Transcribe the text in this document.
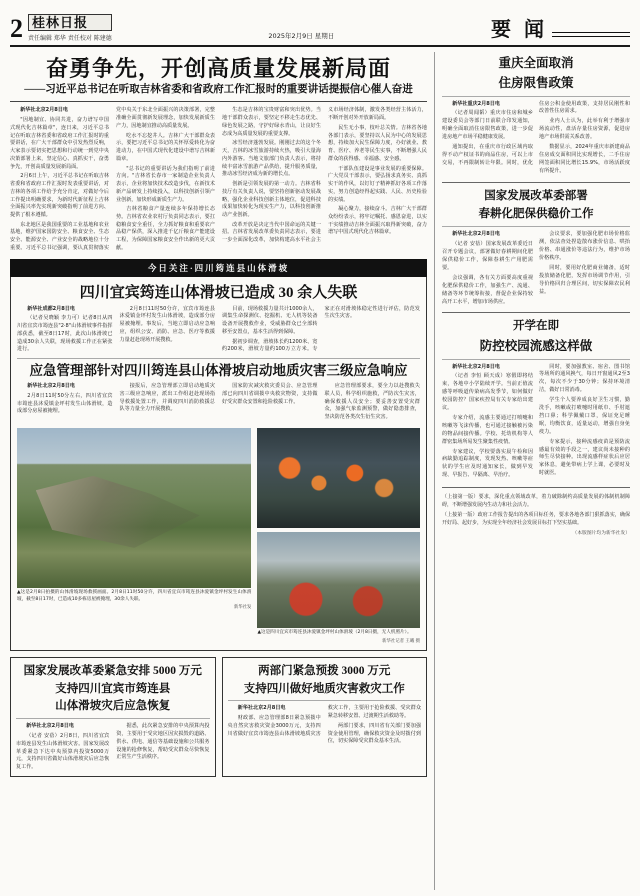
2 桂林日报
责任编辑 郑华 责任校对 陈建德	2025年2月9日 星期日	要 闻
奋勇争先，开创高质量发展新局面
——习近平总书记在听取吉林省委和省政府工作汇报时的重要讲话提振信心催人奋进

新华社北京2月8日电

"因地制宜、协同共进，奋力谱写中国式现代化吉林篇章"，连日来，习近平总书记在听取吉林省委和省政府工作汇报时的重要讲话，在广大干部群众中引发热烈反响，大家表示要切实把思想和行动统一到党中央决策部署上来，坚定信心、真抓实干，奋勇争先，开创高质量发展新局面。

2月6日上午，习近平总书记在听取吉林省委和省政府工作汇报时发表重要讲话，对吉林的各项工作给予充分肯定，对做好今后工作提出明确要求，为新时代新征程上吉林全面振兴率先实现新突破指明了前进方向、提供了根本遵循。

东北地区是我国重要的工业基地和农业基地，维护国家国防安全、粮食安全、生态安全、能源安全、产业安全的战略地位十分重要。习近平总书记强调，要认真贯彻落实党中央关于东北全面振兴的决策部署，完整准确全面贯彻新发展理念，加快发展新质生产力，因地制宜推动高质量发展。

吃水不忘挖井人。吉林广大干部群众表示，要把习近平总书记的关怀厚爱转化为奋进动力，在中国式现代化建设中谱写吉林新篇章。

"总书记的重要讲话为我们指明了前进方向。"吉林省长春市一家制造企业负责人表示，企业将加快技术改造步伐，在新技术新产品研发上持续投入，以科技创新引领产业创新，加快形成新质生产力。

吉林省粮食产量连续多年保持增长态势。吉林省农业农村厅负责同志表示，要扛稳粮食安全重任，全力抓好粮食和重要农产品稳产保供，深入推进千亿斤粮食产能建设工程，为保障国家粮食安全作出新的更大贡献。

生态是吉林的宝贵财富和突出优势。当地干部群众表示，要坚定不移走生态优先、绿色发展之路，守护好绿水青山，让良好生态成为高质量发展的重要支撑。

冰雪经济蓬勃发展。刚刚过去的这个冬天，吉林的冰雪旅游持续火热，吸引大量海内外游客。当地文旅部门负责人表示，将持续丰富冰雪旅游产品供给，提升服务质量，推动冰雪经济成为新的增长点。

创新是引领发展的第一动力。吉林省科技厅有关负责人说，要坚持创新驱动发展战略，强化企业科技创新主体地位，促进科技成果加快转化为现实生产力，以科技创新推动产业创新。

改革开放是决定当代中国命运的关键一招。吉林省发展改革委负责同志表示，要进一步全面深化改革，加快构建高水平社会主义市场经济体制，激发各类经营主体活力，不断开创对外开放新局面。

民生无小事，枝叶总关情。吉林省各地各部门表示，要坚持以人民为中心的发展思想，持续加大民生保障力度，办好就业、教育、医疗、养老等民生实事，不断增强人民群众的获得感、幸福感、安全感。

干部队伍建设是事业发展的重要保障。广大党员干部表示，要弘扬求真务实、真抓实干的作风，以钉钉子精神抓好各项工作落实，努力创造经得起实践、人民、历史检验的实绩。

凝心聚力，接续奋斗。吉林广大干部群众纷纷表示，将牢记嘱托、感恩奋进，以实干实绩推动吉林全面振兴取得新突破，奋力谱写中国式现代化吉林篇章。

今日关注·四川筠连县山体滑坡
四川宜宾筠连山体滑坡已造成 30 余人失联

新华社成都2月8日电

（记者吴晓颖 李力可）记者8日从四川省宜宾市筠连县"2·8"山体滑坡事件指挥部获悉，截至8日17时，此次山体滑坡已造成30余人失联，现场救援工作正在紧张进行。

2月8日11时50分许，宜宾市筠连县沐爱镇金坪村发生山体滑坡，造成部分房屋被掩埋。事发后，当地立即启动应急响应，组织公安、消防、应急、医疗等救援力量赶赴现场开展搜救。

目前，现场救援力量共计1000余人，调集生命探测仪、挖掘机、无人机等装备设备开展搜救作业，受威胁群众已全部转移至安置点，基本生活得到保障。

据初步调查，滑坡体长约1200米、宽约200米，滑坡方量约100万立方米。专家正在对滑坡体稳定性进行评估，防范发生次生灾害。

应急管理部针对四川筠连县山体滑坡启动地质灾害三级应急响应

新华社北京2月8日电

2月8日11时50分左右，四川省宜宾市筠连县沐爱镇金坪村发生山体滑坡，造成部分房屋被掩埋。

接报后，应急管理部立即启动地质灾害三级应急响应，派出工作组赶赴现场指导救援处置工作，并调度四川消防救援总队等力量全力开展搜救。

国家防灾减灾救灾委员会、应急管理部已向四川省调拨中央救灾物资，支持做好受灾群众安置和抢险救援工作。

应急管理部要求，要全力以赴搜救失联人员，科学组织施救，严防次生灾害，确保救援人员安全；要妥善安置受灾群众，加强气象监测预警，做好隐患排查，坚决防范各类次生衍生灾害。

▲这是2月8日拍摄的山体滑坡现场救援画面。2月8日11时50分许，四川省宜宾市筠连县沐爱镇金坪村发生山体滑坡，截至8日17时，已造成10多栋房屋被掩埋，30余人失联。
新华社发
▲这是四川宜宾市筠连县沐爱镇金坪村山体滑坡（2月8日摄，无人机照片）。
新华社记者 王曦 摄
国家发展改革委紧急安排 5000 万元
支持四川宜宾市筠连县
山体滑坡灾后应急恢复

新华社北京2月8日电

（记者 安蓓）2月8日，四川省宜宾市筠连县发生山体滑坡灾害。国家发展改革委紧急下达中央预算内投资5000万元，支持四川省做好山体滑坡灾后应急恢复工作。

据悉，此次紧急安排的中央预算内投资，主要用于受灾地区因灾损毁的道路、供水、供电、通信等基础设施和公共服务设施的抢修恢复，帮助受灾群众尽快恢复正常生产生活秩序。

两部门紧急预拨 3000 万元
支持四川做好地质灾害救灾工作

新华社北京2月8日电

财政部、应急管理部8日紧急预拨中央自然灾害救灾资金3000万元，支持四川省做好宜宾市筠连县山体滑坡地质灾害救灾工作，主要用于抢险救援、受灾群众紧急转移安置、过渡期生活救助等。

两部门要求，四川省有关部门要加强资金使用管理，确保救灾资金及时拨付到位，切实保障受灾群众基本生活。

重庆全面取消
住房限售政策

新华社重庆2月8日电

（记者周闻韬）重庆市住房和城乡建设委员会等部门日前联合印发通知，明确全面取消住房限售政策，进一步促进房地产市场平稳健康发展。

通知提出，在重庆市行政区域内取得不动产权证书的商品住房，可以上市交易，不再限制转让年限。同时，优化住房公积金使用政策，支持居民刚性和改善性住房需求。

业内人士认为，此举有利于增强市场流动性，盘活存量住房资源，促进房地产市场供需关系改善。

数据显示，2024年重庆市新建商品住房成交面积同比实现增长，二手住房网签面积同比增长15.9%，市场活跃度有所提升。

国家发展改革委部署
春耕化肥保供稳价工作

新华社北京2月8日电

（记者 安蓓）国家发展改革委近日召开专题会议，部署做好春耕期间化肥保供稳价工作，保障春耕生产用肥需要。

会议强调，各有关方面要高度重视化肥保供稳价工作，加强生产、流通、储备等环节统筹衔接，督促企业保持较高开工水平，增加市场供应。

会议要求，要加强化肥市场价格监测，依法查处捏造散布涨价信息、哄抬价格、串通涨价等违法行为，维护市场价格秩序。

同时，要用好化肥商业储备，适时投放储备化肥，发挥市场调节作用，引导价格回归合理区间，切实保障农民利益。

开学在即
防控校园流感这样做

新华社北京2月8日电

（记者 李恒 顾天成）寒假即将结束，各地中小学陆续开学。当前正值流感等呼吸道传染病高发季节，如何做好校园防控？国家疾控局有关专家给出建议。

专家介绍，流感主要通过打喷嚏和咳嗽等飞沫传播，也可通过接触被污染的物品间接传播。学校、托幼机构等人群密集场所易发生聚集性疫情。

专家建议，学校要落实晨午检和因病缺勤追踪制度，发现发热、咳嗽等症状的学生应及时通知家长，做到早发现、早报告、早隔离、早治疗。

同时，要加强教室、宿舍、图书馆等场所的通风换气，每日开窗通风2至3次，每次不少于30分钟；保持环境清洁，做好日常消毒。

学生个人要养成良好卫生习惯，勤洗手，咳嗽或打喷嚏时用纸巾、手肘遮挡口鼻；科学佩戴口罩，保证充足睡眠，均衡饮食，适量运动，增强自身免疫力。

专家提示，接种流感疫苗是预防流感最有效的手段之一，建议尚未接种的师生尽快接种。出现流感样症状后应居家休息，避免带病上学上课，必要时及时就医。

（上接第一版）要求，深化重点领域改革，着力破除制约高质量发展的体制机制障碍，不断增强发展内生动力和社会活力。
（上接第一版）政府工作报告提出的各项目标任务，要求各地各部门狠抓落实，确保开好局、起好步，为实现全年经济社会发展目标打下坚实基础。
（本版图片均为新华社发）
